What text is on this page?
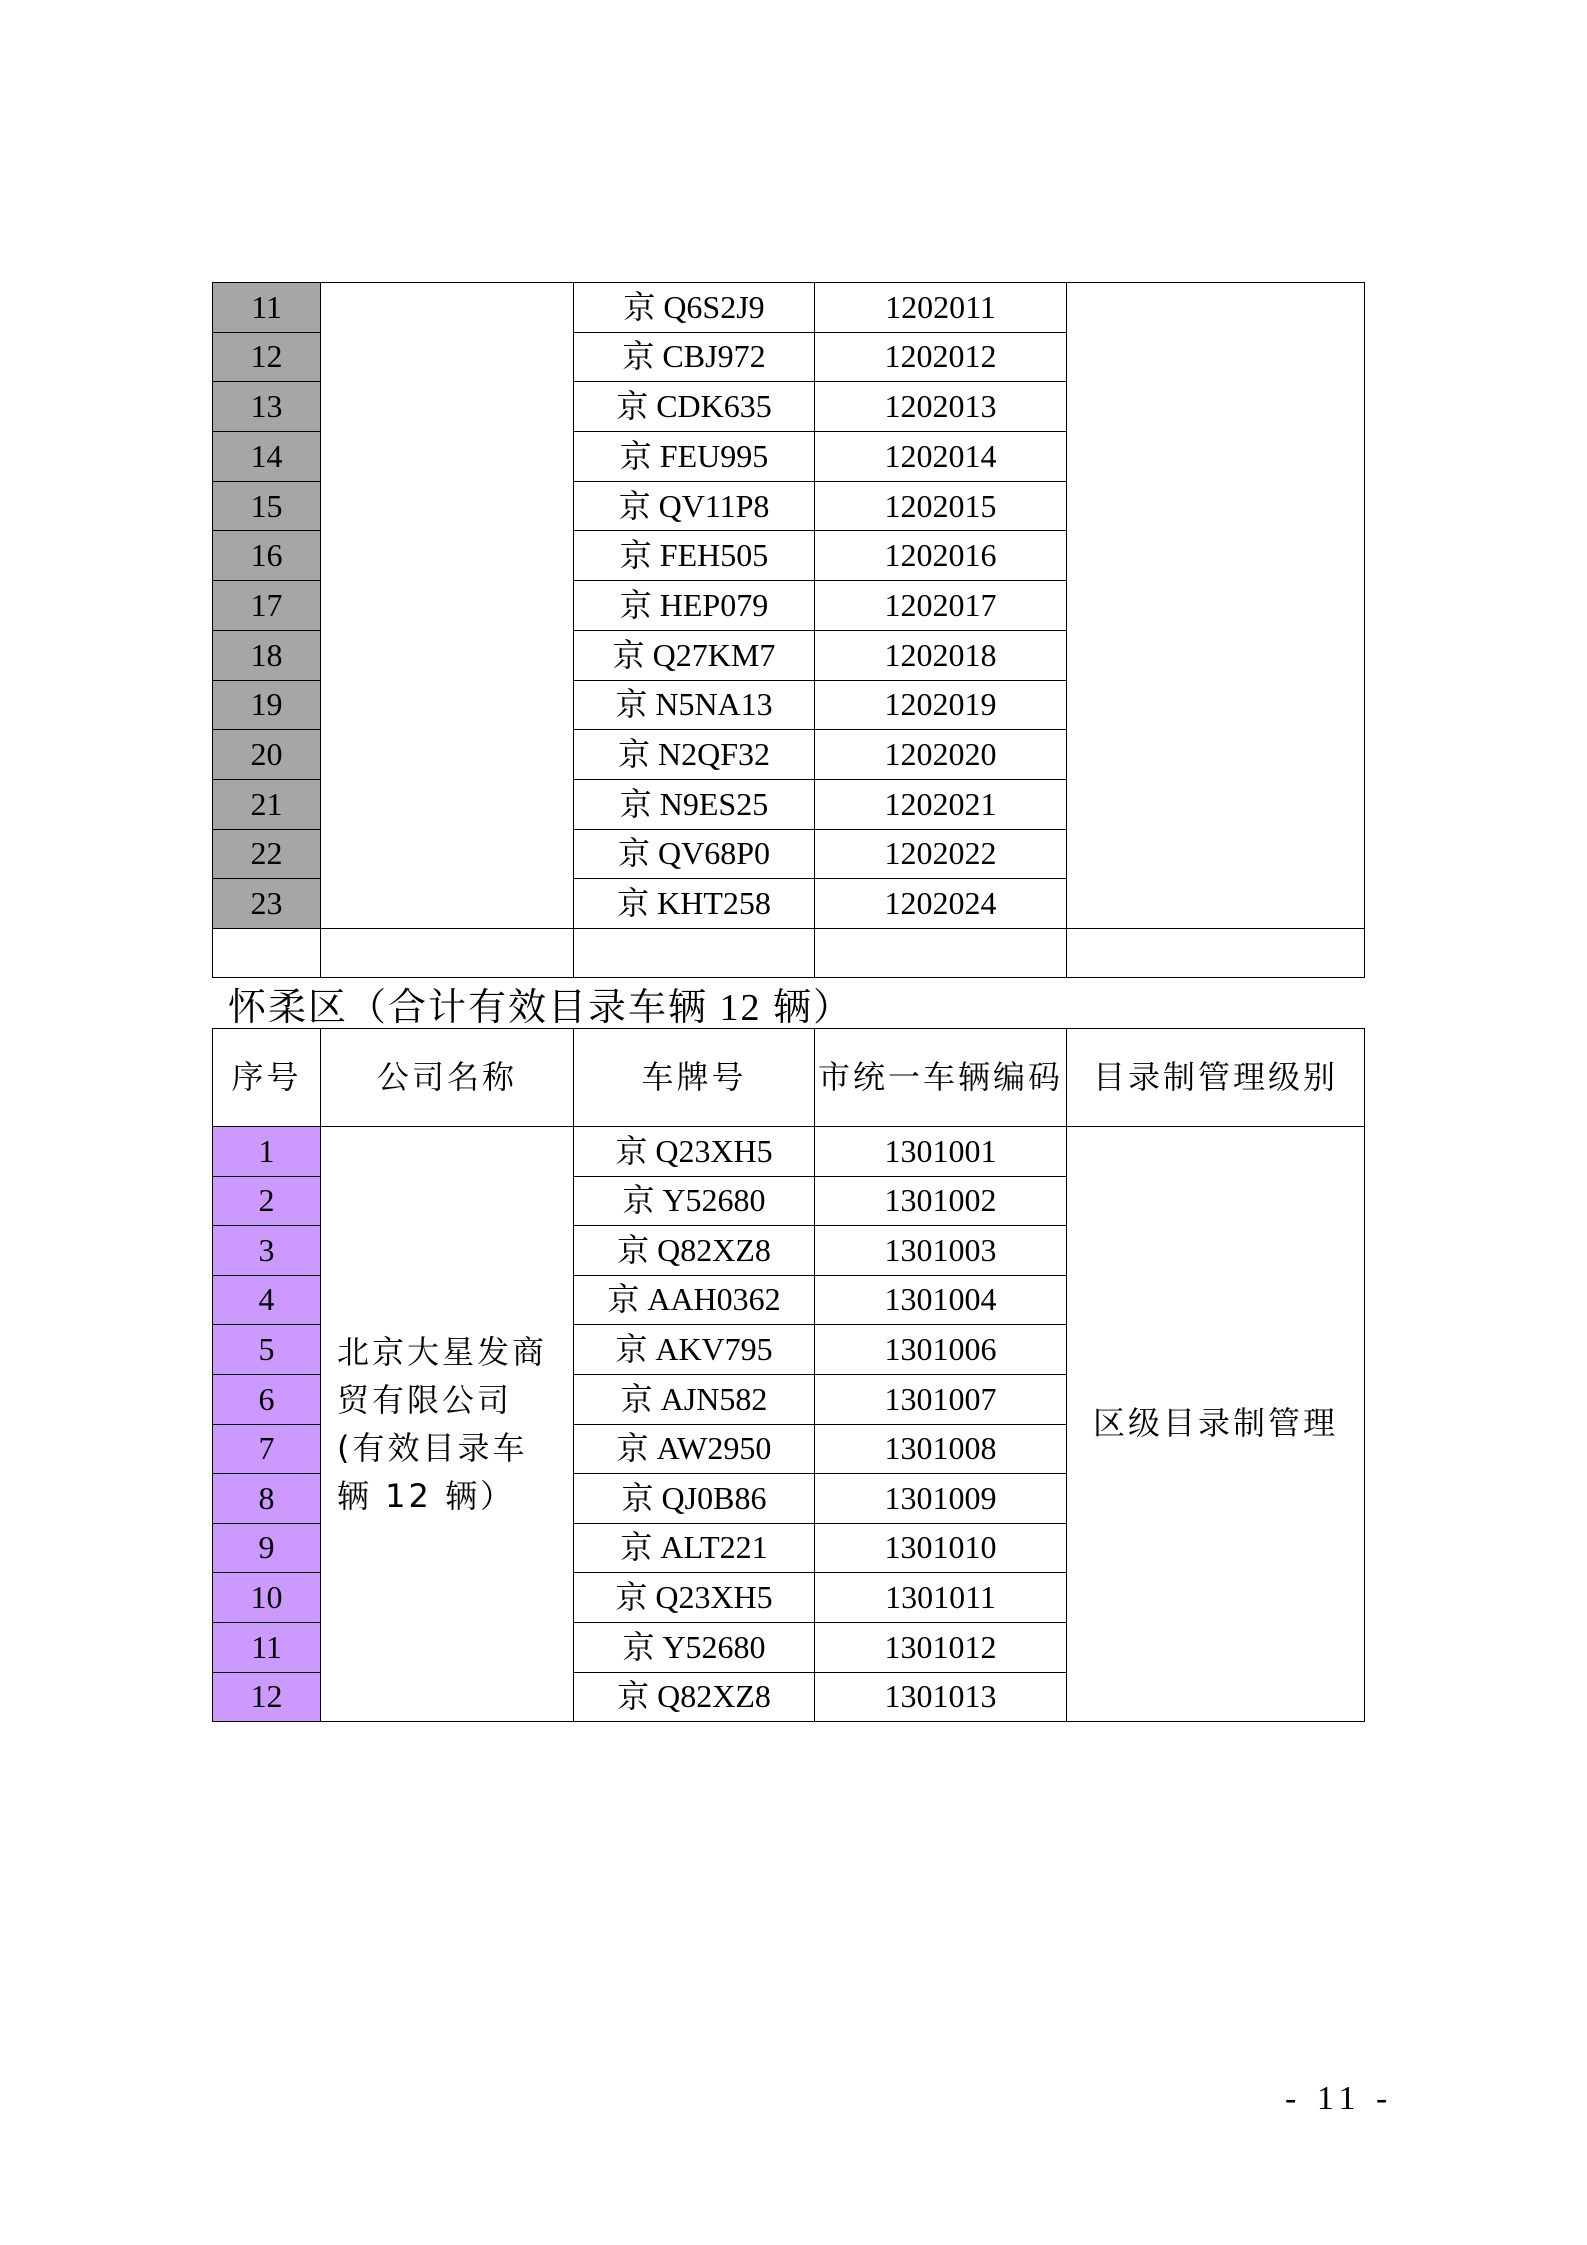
11		京 Q6S2J9	1202011	
12		京 CBJ972	1202012	
13		京 CDK635	1202013	
14		京 FEU995	1202014	
15		京 QV11P8	1202015	
16		京 FEH505	1202016	
17		京 HEP079	1202017	
18		京 Q27KM7	1202018	
19		京 N5NA13	1202019	
20		京 N2QF32	1202020	
21		京 N9ES25	1202021	
22		京 QV68P0	1202022	
23		京 KHT258	1202024	

怀柔区（合计有效目录车辆 12 辆）
序号	公司名称	车牌号	市统一车辆编码	目录制管理级别
1	北京大星发商贸有限公司(有效目录车辆 12 辆）	京 Q23XH5	1301001	区级目录制管理
2		京 Y52680	1301002	
3		京 Q82XZ8	1301003	
4		京 AAH0362	1301004	
5		京 AKV795	1301006	
6		京 AJN582	1301007	
7		京 AW2950	1301008	
8		京 QJ0B86	1301009	
9		京 ALT221	1301010	
10		京 Q23XH5	1301011	
11		京 Y52680	1301012	
12		京 Q82XZ8	1301013	
- 11 -
